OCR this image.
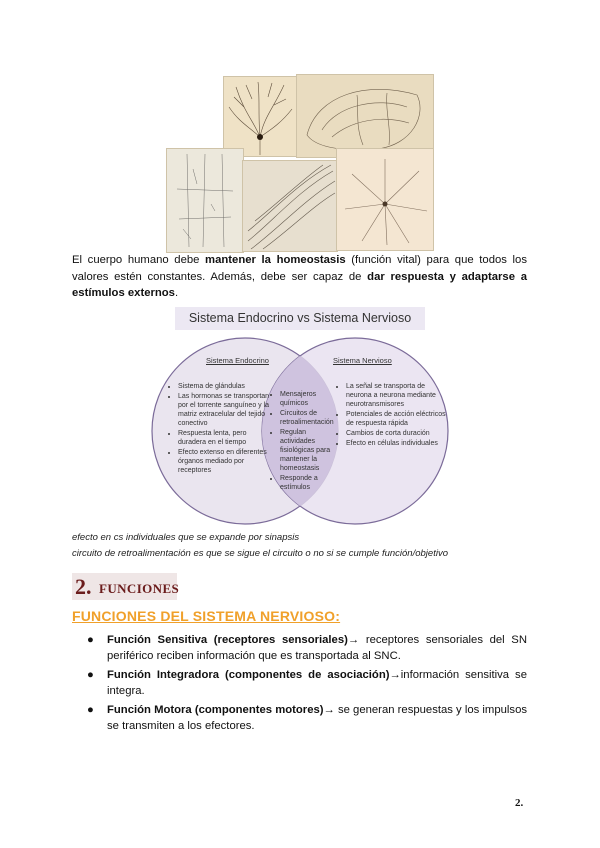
El cuerpo humano debe mantener la homeostasis (función vital) para que todos los valores estén constantes. Además, debe ser capaz de dar respuesta y adaptarse a estímulos externos.

Sistema Endocrino vs Sistema Nervioso
Sistema Endocrino	Sistema Nervioso
• Sistema de glándulas
• Las hormonas se transportan por el torrente sanguíneo y la matriz extracelular del tejido conectivo
• Respuesta lenta, pero duradera en el tiempo
• Efecto extenso en diferentes órganos mediado por receptores
• Mensajeros químicos
• Circuitos de retroalimentación
• Regulan actividades fisiológicas para mantener la homeostasis
• Responde a estímulos
• La señal se transporta de neurona a neurona mediante neurotransmisores
• Potenciales de acción eléctricos de respuesta rápida
• Cambios de corta duración
• Efecto en células individuales
efecto en cs individuales que se expande por sinapsis
circuito de retroalimentación es que se sigue el circuito o no si se cumple función/objetivo
2. FUNCIONES
FUNCIONES DEL SISTEMA NERVIOSO:
● Función Sensitiva (receptores sensoriales)→ receptores sensoriales del SN periférico reciben información que es transportada al SNC.
● Función Integradora (componentes de asociación)→información sensitiva se integra.
● Función Motora (componentes motores)→ se generan respuestas y los impulsos se transmiten a los efectores.
2.
